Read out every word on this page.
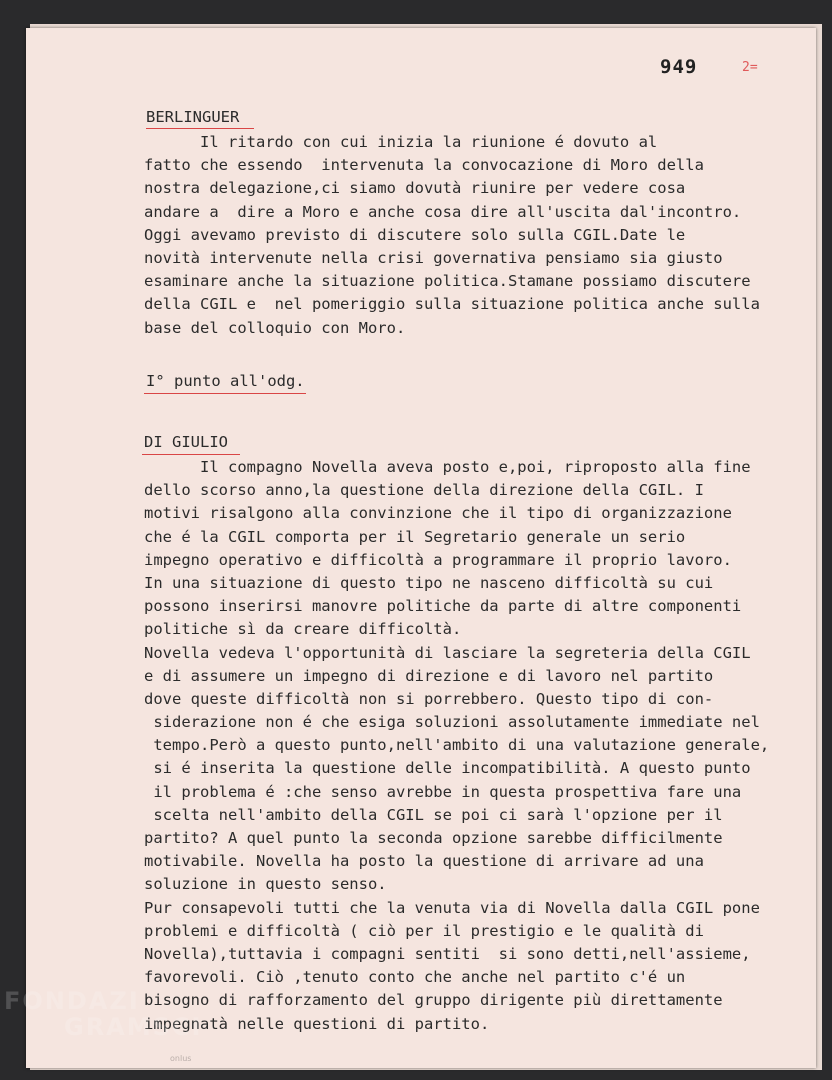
949	2=
BERLINGUER
Il ritardo con cui inizia la riunione é dovuto al
fatto che essendo  intervenuta la convocazione di Moro della
nostra delegazione,ci siamo dovutà riunire per vedere cosa
andare a  dire a Moro e anche cosa dire all'uscita dal'incontro.
Oggi avevamo previsto di discutere solo sulla CGIL.Date le
novità intervenute nella crisi governativa pensiamo sia giusto
esaminare anche la situazione politica.Stamane possiamo discutere
della CGIL e  nel pomeriggio sulla situazione politica anche sulla
base del colloquio con Moro.
I° punto all'odg.
DI GIULIO
Il compagno Novella aveva posto e,poi, riproposto alla fine
dello scorso anno,la questione della direzione della CGIL. I
motivi risalgono alla convinzione che il tipo di organizzazione
che é la CGIL comporta per il Segretario generale un serio
impegno operativo e difficoltà a programmare il proprio lavoro.
In una situazione di questo tipo ne nasceno difficoltà su cui
possono inserirsi manovre politiche da parte di altre componenti
politiche sì da creare difficoltà.
Novella vedeva l'opportunità di lasciare la segreteria della CGIL
e di assumere un impegno di direzione e di lavoro nel partito
dove queste difficoltà non si porrebbero. Questo tipo di con-
siderazione non é che esiga soluzioni assolutamente immediate nel
tempo.Però a questo punto,nell'ambito di una valutazione generale,
si é inserita la questione delle incompatibilità. A questo punto
il problema é :che senso avrebbe in questa prospettiva fare una
scelta nell'ambito della CGIL se poi ci sarà l'opzione per il
partito? A quel punto la seconda opzione sarebbe difficilmente
motivabile. Novella ha posto la questione di arrivare ad una
soluzione in questo senso.
Pur consapevoli tutti che la venuta via di Novella dalla CGIL pone
problemi e difficoltà ( ciò per il prestigio e le qualità di
Novella),tuttavia i compagni sentiti  si sono detti,nell'assieme,
favorevoli. Ciò ,tenuto conto che anche nel partito c'é un
bisogno di rafforzamento del gruppo dirigente più direttamente
impegnatà nelle questioni di partito.
FONDAZI
GRAMSCI
onlus
